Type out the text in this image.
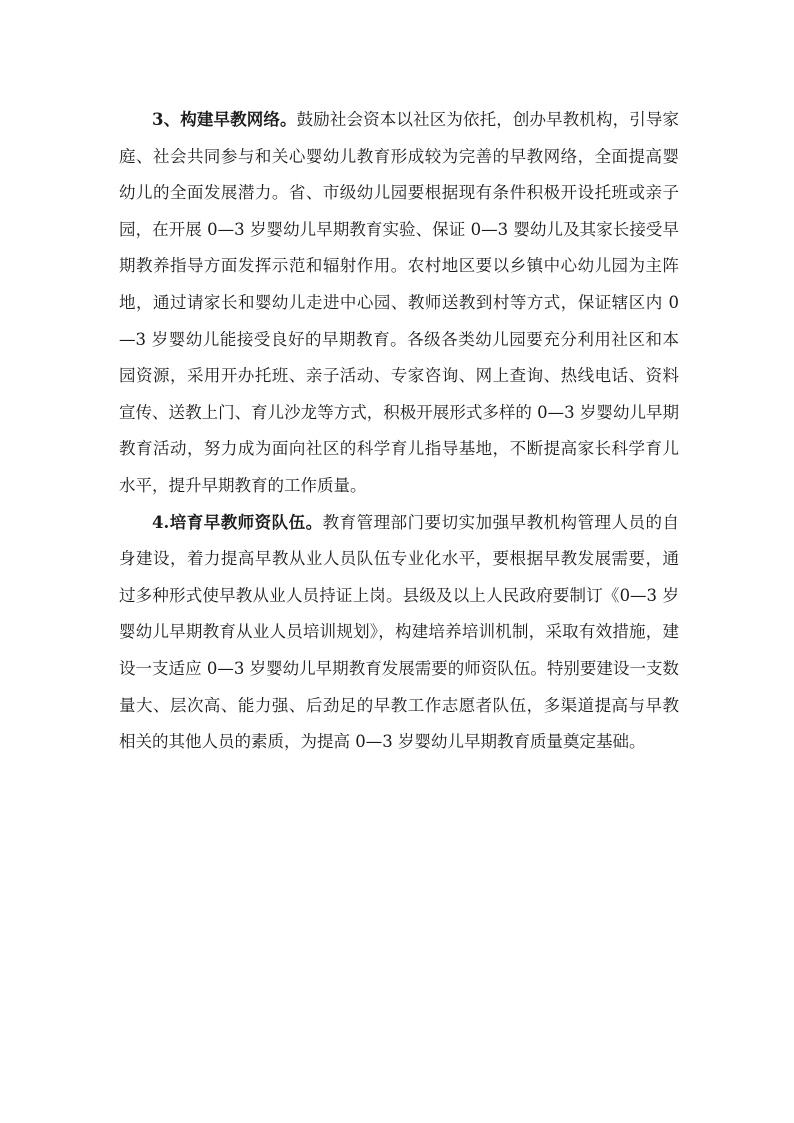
3、构建早教网络。鼓励社会资本以社区为依托，创办早教机构，引导家庭、社会共同参与和关心婴幼儿教育形成较为完善的早教网络，全面提高婴幼儿的全面发展潜力。省、市级幼儿园要根据现有条件积极开设托班或亲子园，在开展 0—3 岁婴幼儿早期教育实验、保证 0—3 婴幼儿及其家长接受早期教养指导方面发挥示范和辐射作用。农村地区要以乡镇中心幼儿园为主阵地，通过请家长和婴幼儿走进中心园、教师送教到村等方式，保证辖区内 0—3 岁婴幼儿能接受良好的早期教育。各级各类幼儿园要充分利用社区和本园资源，采用开办托班、亲子活动、专家咨询、网上查询、热线电话、资料宣传、送教上门、育儿沙龙等方式，积极开展形式多样的 0—3 岁婴幼儿早期教育活动，努力成为面向社区的科学育儿指导基地，不断提高家长科学育儿水平，提升早期教育的工作质量。

4.培育早教师资队伍。教育管理部门要切实加强早教机构管理人员的自身建设，着力提高早教从业人员队伍专业化水平，要根据早教发展需要，通过多种形式使早教从业人员持证上岗。县级及以上人民政府要制订《0—3 岁婴幼儿早期教育从业人员培训规划》，构建培养培训机制，采取有效措施，建设一支适应 0—3 岁婴幼儿早期教育发展需要的师资队伍。特别要建设一支数量大、层次高、能力强、后劲足的早教工作志愿者队伍，多渠道提高与早教相关的其他人员的素质，为提高 0—3 岁婴幼儿早期教育质量奠定基础。
